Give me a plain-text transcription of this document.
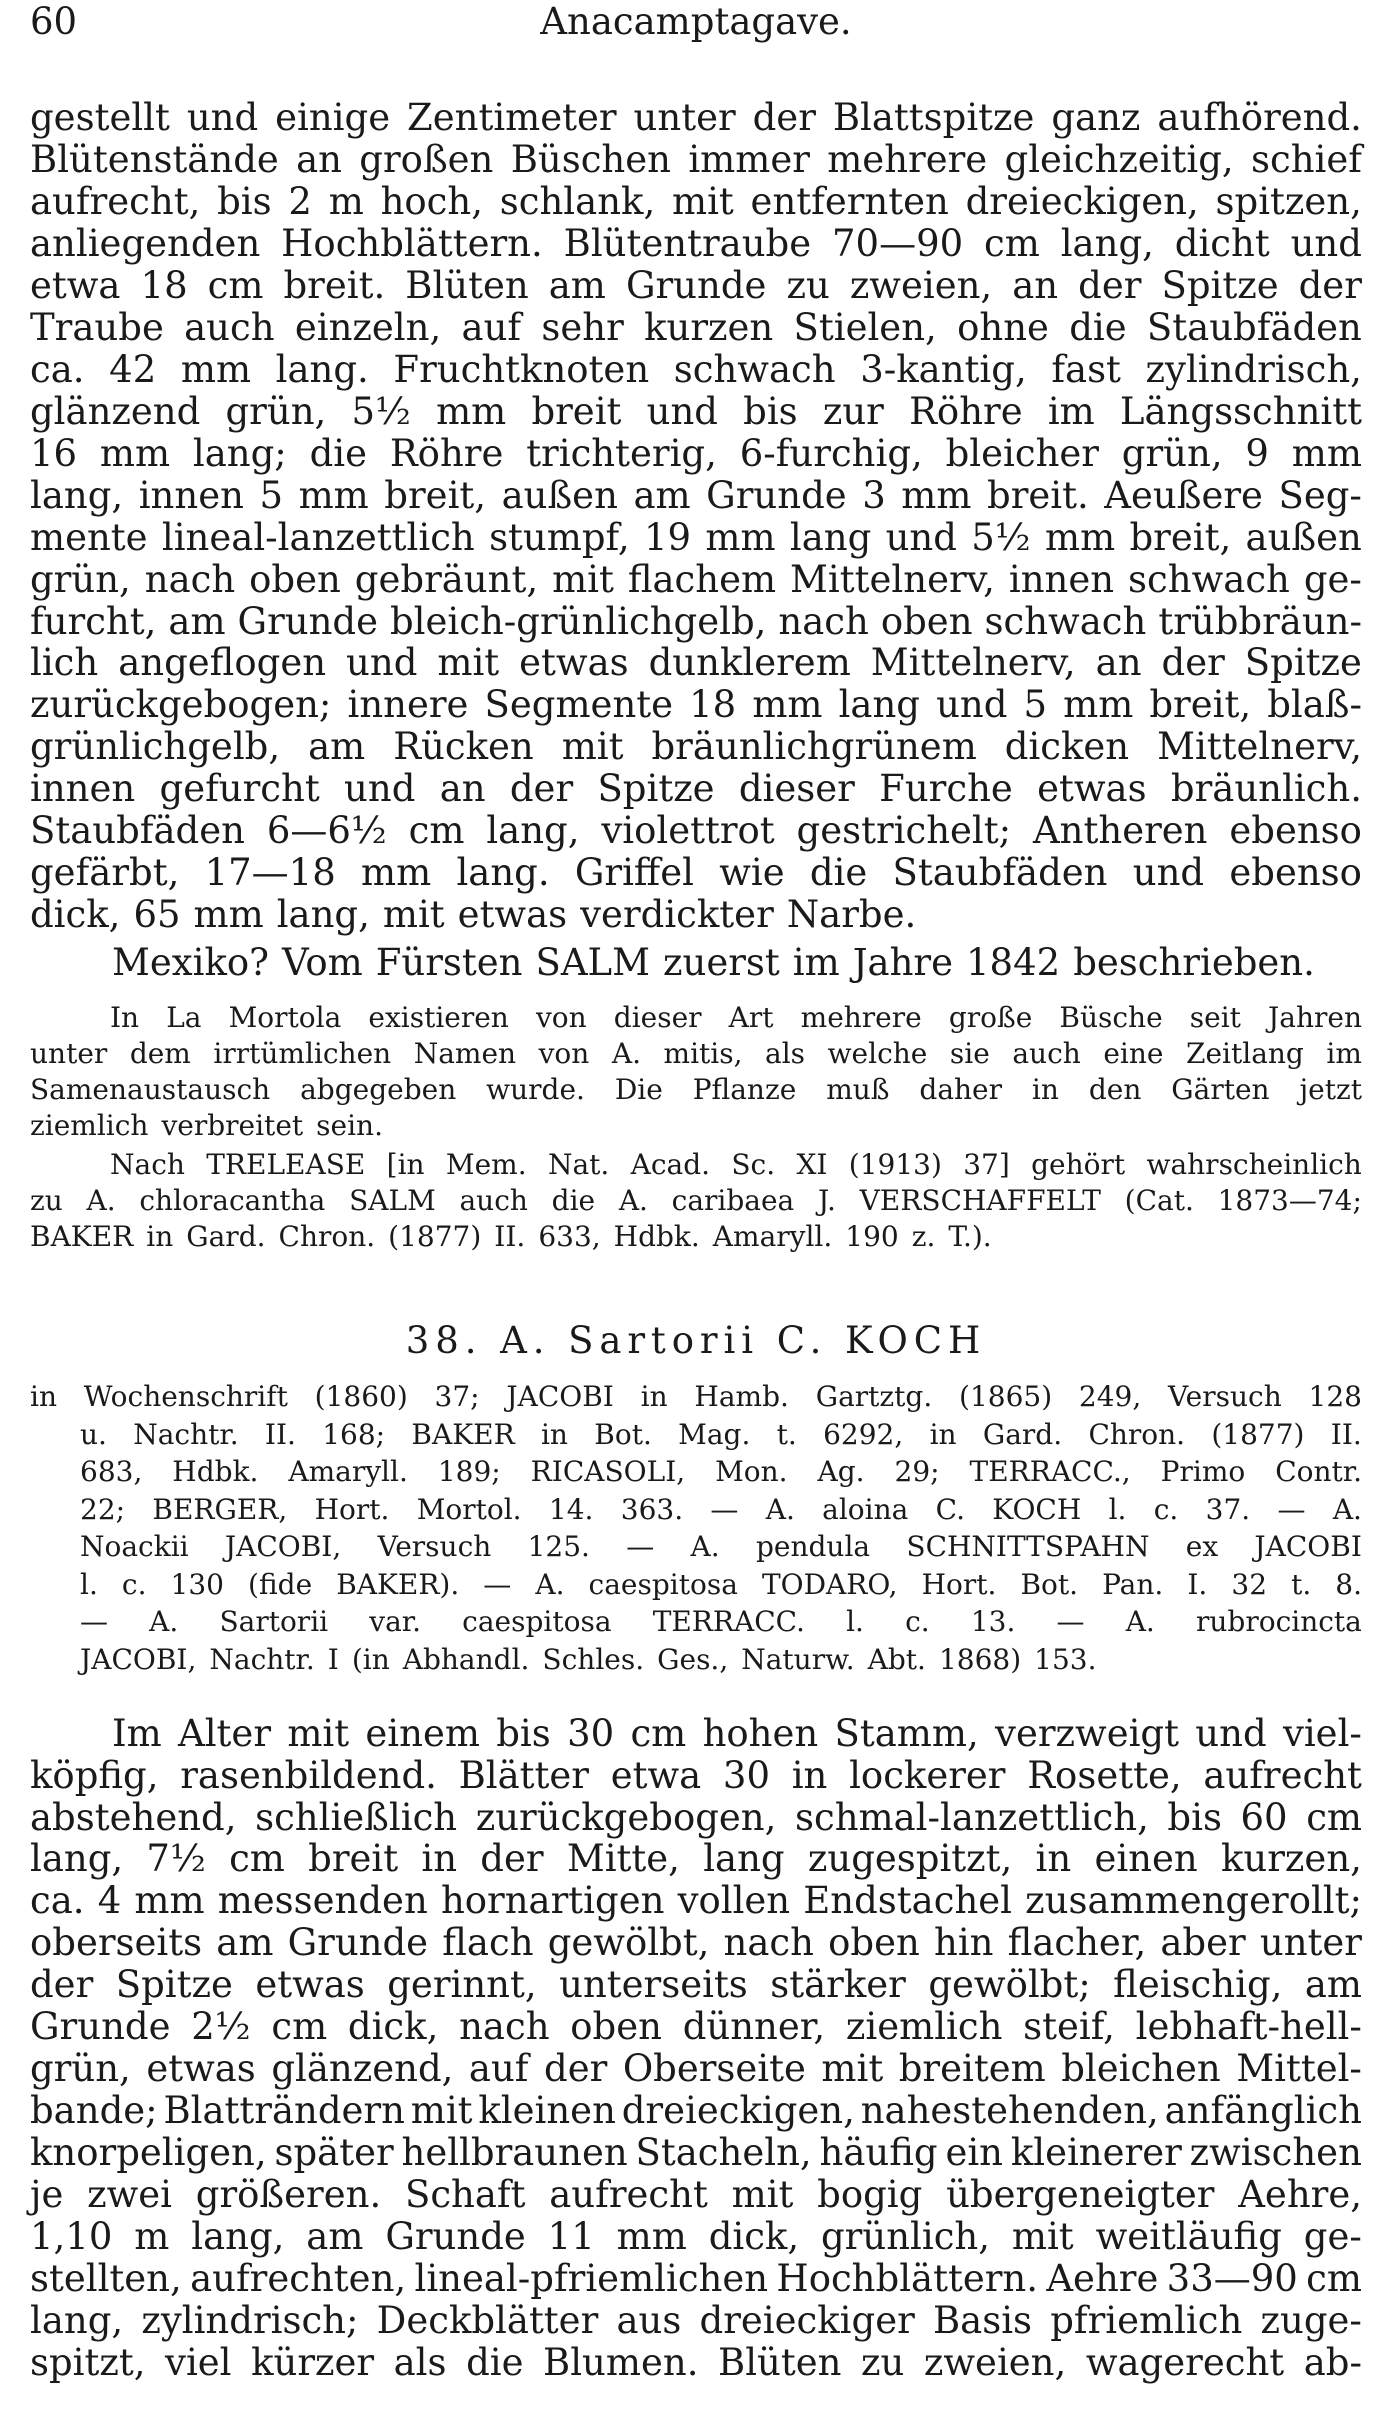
60	Anacamptagave.
gestellt und einige Zentimeter unter der Blattspitze ganz aufhörend.
Blütenstände an großen Büschen immer mehrere gleichzeitig, schief
aufrecht, bis 2 m hoch, schlank, mit entfernten dreieckigen, spitzen,
anliegenden Hochblättern. Blütentraube 70—90 cm lang, dicht und
etwa 18 cm breit. Blüten am Grunde zu zweien, an der Spitze der
Traube auch einzeln, auf sehr kurzen Stielen, ohne die Staubfäden
ca. 42 mm lang. Fruchtknoten schwach 3-kantig, fast zylindrisch,
glänzend grün, 5½ mm breit und bis zur Röhre im Längsschnitt
16 mm lang; die Röhre trichterig, 6-furchig, bleicher grün, 9 mm
lang, innen 5 mm breit, außen am Grunde 3 mm breit. Aeußere Seg-
mente lineal-lanzettlich stumpf, 19 mm lang und 5½ mm breit, außen
grün, nach oben gebräunt, mit flachem Mittelnerv, innen schwach ge-
furcht, am Grunde bleich-grünlichgelb, nach oben schwach trübbräun-
lich angeflogen und mit etwas dunklerem Mittelnerv, an der Spitze
zurückgebogen; innere Segmente 18 mm lang und 5 mm breit, blaß-
grünlichgelb, am Rücken mit bräunlichgrünem dicken Mittelnerv,
innen gefurcht und an der Spitze dieser Furche etwas bräunlich.
Staubfäden 6—6½ cm lang, violettrot gestrichelt; Antheren ebenso
gefärbt, 17—18 mm lang. Griffel wie die Staubfäden und ebenso
dick, 65 mm lang, mit etwas verdickter Narbe.
Mexiko? Vom Fürsten SALM zuerst im Jahre 1842 beschrieben.
In La Mortola existieren von dieser Art mehrere große Büsche seit Jahren
unter dem irrtümlichen Namen von A. mitis, als welche sie auch eine Zeitlang im
Samenaustausch abgegeben wurde. Die Pflanze muß daher in den Gärten jetzt
ziemlich verbreitet sein.
Nach TRELEASE [in Mem. Nat. Acad. Sc. XI (1913) 37] gehört wahrscheinlich
zu A. chloracantha SALM auch die A. caribaea J. VERSCHAFFELT (Cat. 1873—74;
BAKER in Gard. Chron. (1877) II. 633, Hdbk. Amaryll. 190 z. T.).
38. A. Sartorii C. KOCH
in Wochenschrift (1860) 37; JACOBI in Hamb. Gartztg. (1865) 249, Versuch 128
u. Nachtr. II. 168; BAKER in Bot. Mag. t. 6292, in Gard. Chron. (1877) II.
683, Hdbk. Amaryll. 189; RICASOLI, Mon. Ag. 29; TERRACC., Primo Contr.
22; BERGER, Hort. Mortol. 14. 363. — A. aloina C. KOCH l. c. 37. — A.
Noackii JACOBI, Versuch 125. — A. pendula SCHNITTSPAHN ex JACOBI
l. c. 130 (fide BAKER). — A. caespitosa TODARO, Hort. Bot. Pan. I. 32 t. 8.
— A. Sartorii var. caespitosa TERRACC. l. c. 13. — A. rubrocincta
JACOBI, Nachtr. I (in Abhandl. Schles. Ges., Naturw. Abt. 1868) 153.
Im Alter mit einem bis 30 cm hohen Stamm, verzweigt und viel-
köpfig, rasenbildend. Blätter etwa 30 in lockerer Rosette, aufrecht
abstehend, schließlich zurückgebogen, schmal-lanzettlich, bis 60 cm
lang, 7½ cm breit in der Mitte, lang zugespitzt, in einen kurzen,
ca. 4 mm messenden hornartigen vollen Endstachel zusammengerollt;
oberseits am Grunde flach gewölbt, nach oben hin flacher, aber unter
der Spitze etwas gerinnt, unterseits stärker gewölbt; fleischig, am
Grunde 2½ cm dick, nach oben dünner, ziemlich steif, lebhaft-hell-
grün, etwas glänzend, auf der Oberseite mit breitem bleichen Mittel-
bande; Blatträndern mit kleinen dreieckigen, nahestehenden, anfänglich
knorpeligen, später hellbraunen Stacheln, häufig ein kleinerer zwischen
je zwei größeren. Schaft aufrecht mit bogig übergeneigter Aehre,
1,10 m lang, am Grunde 11 mm dick, grünlich, mit weitläufig ge-
stellten, aufrechten, lineal-pfriemlichen Hochblättern. Aehre 33—90 cm
lang, zylindrisch; Deckblätter aus dreieckiger Basis pfriemlich zuge-
spitzt, viel kürzer als die Blumen. Blüten zu zweien, wagerecht ab-
